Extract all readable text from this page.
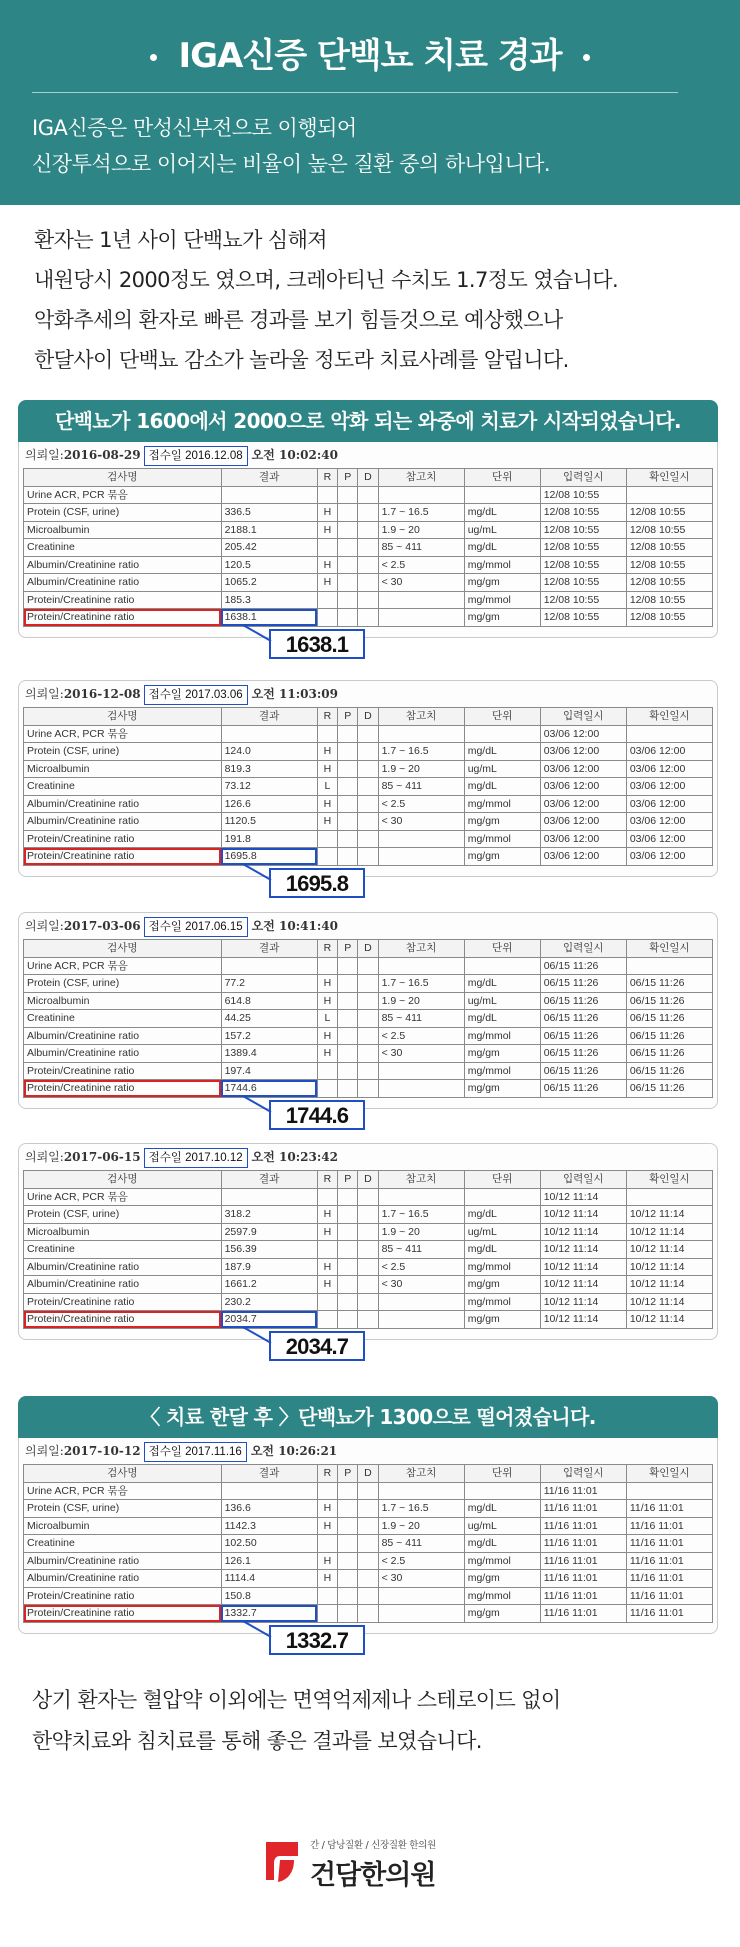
IGA신증 단백뇨 치료 경과
IGA신증은 만성신부전으로 이행되어
신장투석으로 이어지는 비율이 높은 질환 중의 하나입니다.
환자는 1년 사이 단백뇨가 심해져
내원당시 2000정도 였으며, 크레아티닌 수치도 1.7정도 였습니다.
악화추세의 환자로 빠른 경과를 보기 힘들것으로 예상했으나
한달사이 단백뇨 감소가 놀라울 정도라 치료사례를 알립니다.
단백뇨가 1600에서 2000으로 악화 되는 와중에 치료가 시작되었습니다.
의뢰일:2016-08-29 접수일 2016.12.08 오전 10:02:40
검사명	결과	R	P	D	참고치	단위	입력일시	확인일시
Urine ACR, PCR 묶음							12/08 10:55	
Protein (CSF, urine)	336.5	H			1.7 ~ 16.5	mg/dL	12/08 10:55	12/08 10:55
Microalbumin	2188.1	H			1.9 ~ 20	ug/mL	12/08 10:55	12/08 10:55
Creatinine	205.42				85 ~ 411	mg/dL	12/08 10:55	12/08 10:55
Albumin/Creatinine ratio	120.5	H			< 2.5	mg/mmol	12/08 10:55	12/08 10:55
Albumin/Creatinine ratio	1065.2	H			< 30	mg/gm	12/08 10:55	12/08 10:55
Protein/Creatinine ratio	185.3					mg/mmol	12/08 10:55	12/08 10:55
Protein/Creatinine ratio	1638.1					mg/gm	12/08 10:55	12/08 10:55
1638.1
의뢰일:2016-12-08 접수일 2017.03.06 오전 11:03:09
검사명	결과	R	P	D	참고치	단위	입력일시	확인일시
Urine ACR, PCR 묶음							03/06 12:00	
Protein (CSF, urine)	124.0	H			1.7 ~ 16.5	mg/dL	03/06 12:00	03/06 12:00
Microalbumin	819.3	H			1.9 ~ 20	ug/mL	03/06 12:00	03/06 12:00
Creatinine	73.12	L			85 ~ 411	mg/dL	03/06 12:00	03/06 12:00
Albumin/Creatinine ratio	126.6	H			< 2.5	mg/mmol	03/06 12:00	03/06 12:00
Albumin/Creatinine ratio	1120.5	H			< 30	mg/gm	03/06 12:00	03/06 12:00
Protein/Creatinine ratio	191.8					mg/mmol	03/06 12:00	03/06 12:00
Protein/Creatinine ratio	1695.8					mg/gm	03/06 12:00	03/06 12:00
1695.8
의뢰일:2017-03-06 접수일 2017.06.15 오전 10:41:40
검사명	결과	R	P	D	참고치	단위	입력일시	확인일시
Urine ACR, PCR 묶음							06/15 11:26	
Protein (CSF, urine)	77.2	H			1.7 ~ 16.5	mg/dL	06/15 11:26	06/15 11:26
Microalbumin	614.8	H			1.9 ~ 20	ug/mL	06/15 11:26	06/15 11:26
Creatinine	44.25	L			85 ~ 411	mg/dL	06/15 11:26	06/15 11:26
Albumin/Creatinine ratio	157.2	H			< 2.5	mg/mmol	06/15 11:26	06/15 11:26
Albumin/Creatinine ratio	1389.4	H			< 30	mg/gm	06/15 11:26	06/15 11:26
Protein/Creatinine ratio	197.4					mg/mmol	06/15 11:26	06/15 11:26
Protein/Creatinine ratio	1744.6					mg/gm	06/15 11:26	06/15 11:26
1744.6
의뢰일:2017-06-15 접수일 2017.10.12 오전 10:23:42
검사명	결과	R	P	D	참고치	단위	입력일시	확인일시
Urine ACR, PCR 묶음							10/12 11:14	
Protein (CSF, urine)	318.2	H			1.7 ~ 16.5	mg/dL	10/12 11:14	10/12 11:14
Microalbumin	2597.9	H			1.9 ~ 20	ug/mL	10/12 11:14	10/12 11:14
Creatinine	156.39				85 ~ 411	mg/dL	10/12 11:14	10/12 11:14
Albumin/Creatinine ratio	187.9	H			< 2.5	mg/mmol	10/12 11:14	10/12 11:14
Albumin/Creatinine ratio	1661.2	H			< 30	mg/gm	10/12 11:14	10/12 11:14
Protein/Creatinine ratio	230.2					mg/mmol	10/12 11:14	10/12 11:14
Protein/Creatinine ratio	2034.7					mg/gm	10/12 11:14	10/12 11:14
2034.7
〈 치료 한달 후 〉단백뇨가 1300으로 떨어졌습니다.
의뢰일:2017-10-12 접수일 2017.11.16 오전 10:26:21
검사명	결과	R	P	D	참고치	단위	입력일시	확인일시
Urine ACR, PCR 묶음							11/16 11:01	
Protein (CSF, urine)	136.6	H			1.7 ~ 16.5	mg/dL	11/16 11:01	11/16 11:01
Microalbumin	1142.3	H			1.9 ~ 20	ug/mL	11/16 11:01	11/16 11:01
Creatinine	102.50				85 ~ 411	mg/dL	11/16 11:01	11/16 11:01
Albumin/Creatinine ratio	126.1	H			< 2.5	mg/mmol	11/16 11:01	11/16 11:01
Albumin/Creatinine ratio	1114.4	H			< 30	mg/gm	11/16 11:01	11/16 11:01
Protein/Creatinine ratio	150.8					mg/mmol	11/16 11:01	11/16 11:01
Protein/Creatinine ratio	1332.7					mg/gm	11/16 11:01	11/16 11:01
1332.7
상기 환자는 혈압약 이외에는 면역억제제나 스테로이드 없이
한약치료와 침치료를 통해 좋은 결과를 보였습니다.
간 / 담낭질환 / 신장질환 한의원
건담한의원
